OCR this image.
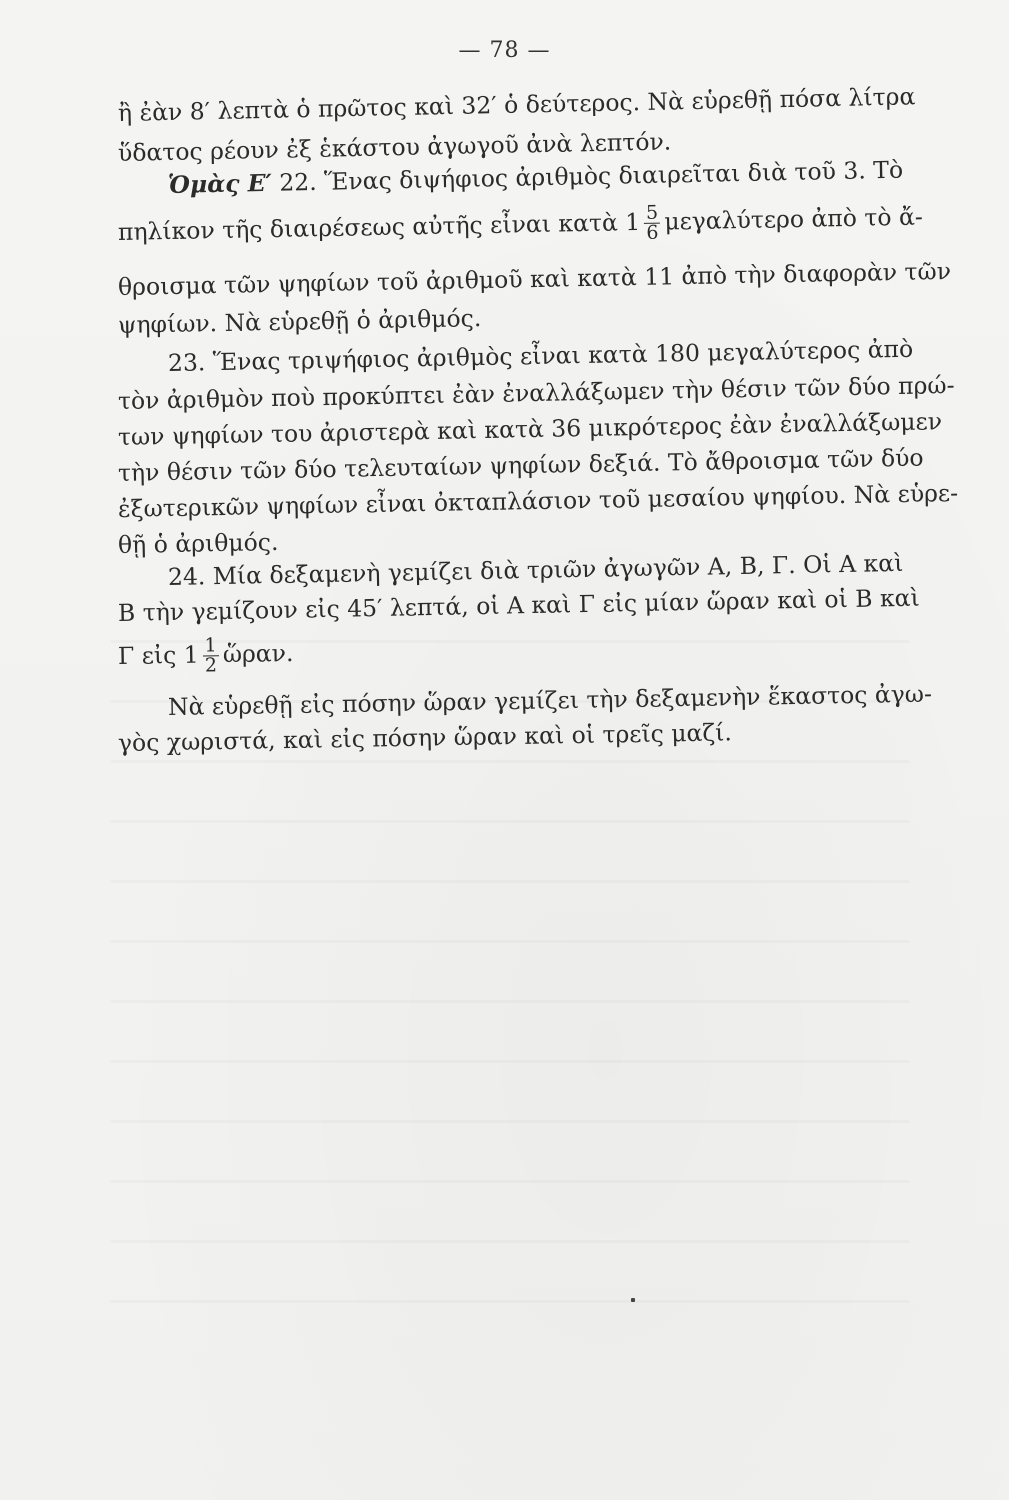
— 78 —
ἢ ἐὰν 8′ λεπτὰ ὁ πρῶτος καὶ 32′ ὁ δεύτερος. Νὰ εὑρεθῇ πόσα λίτρα
ὕδατος ρέουν ἐξ ἑκάστου ἀγωγοῦ ἀνὰ λεπτόν.
Ὁμὰς Ε′ 22. Ἕνας διψήφιος ἀριθμὸς διαιρεῖται διὰ τοῦ 3. Τὸ
πηλίκον τῆς διαιρέσεως αὐτῆς εἶναι κατὰ $1 \frac{5}{6}$ μεγαλύτερο ἀπὸ τὸ ἄ-
θροισμα τῶν ψηφίων τοῦ ἀριθμοῦ καὶ κατὰ 11 ἀπὸ τὴν διαφορὰν τῶν
ψηφίων. Νὰ εὑρεθῇ ὁ ἀριθμός.
23. Ἕνας τριψήφιος ἀριθμὸς εἶναι κατὰ 180 μεγαλύτερος ἀπὸ
τὸν ἀριθμὸν ποὺ προκύπτει ἐὰν ἐναλλάξωμεν τὴν θέσιν τῶν δύο πρώ-
των ψηφίων του ἀριστερὰ καὶ κατὰ 36 μικρότερος ἐὰν ἐναλλάξωμεν
τὴν θέσιν τῶν δύο τελευταίων ψηφίων δεξιά. Τὸ ἄθροισμα τῶν δύο
ἐξωτερικῶν ψηφίων εἶναι ὀκταπλάσιον τοῦ μεσαίου ψηφίου. Νὰ εὑρε-
θῇ ὁ ἀριθμός.
24. Μία δεξαμενὴ γεμίζει διὰ τριῶν ἀγωγῶν Α, Β, Γ. Οἱ Α καὶ
Β τὴν γεμίζουν εἰς 45′ λεπτά, οἱ Α καὶ Γ εἰς μίαν ὥραν καὶ οἱ Β καὶ
Γ εἰς $1 \frac{1}{2}$ ὥραν.
Νὰ εὑρεθῇ εἰς πόσην ὥραν γεμίζει τὴν δεξαμενὴν ἕκαστος ἀγω-
γὸς χωριστά, καὶ εἰς πόσην ὥραν καὶ οἱ τρεῖς μαζί.
